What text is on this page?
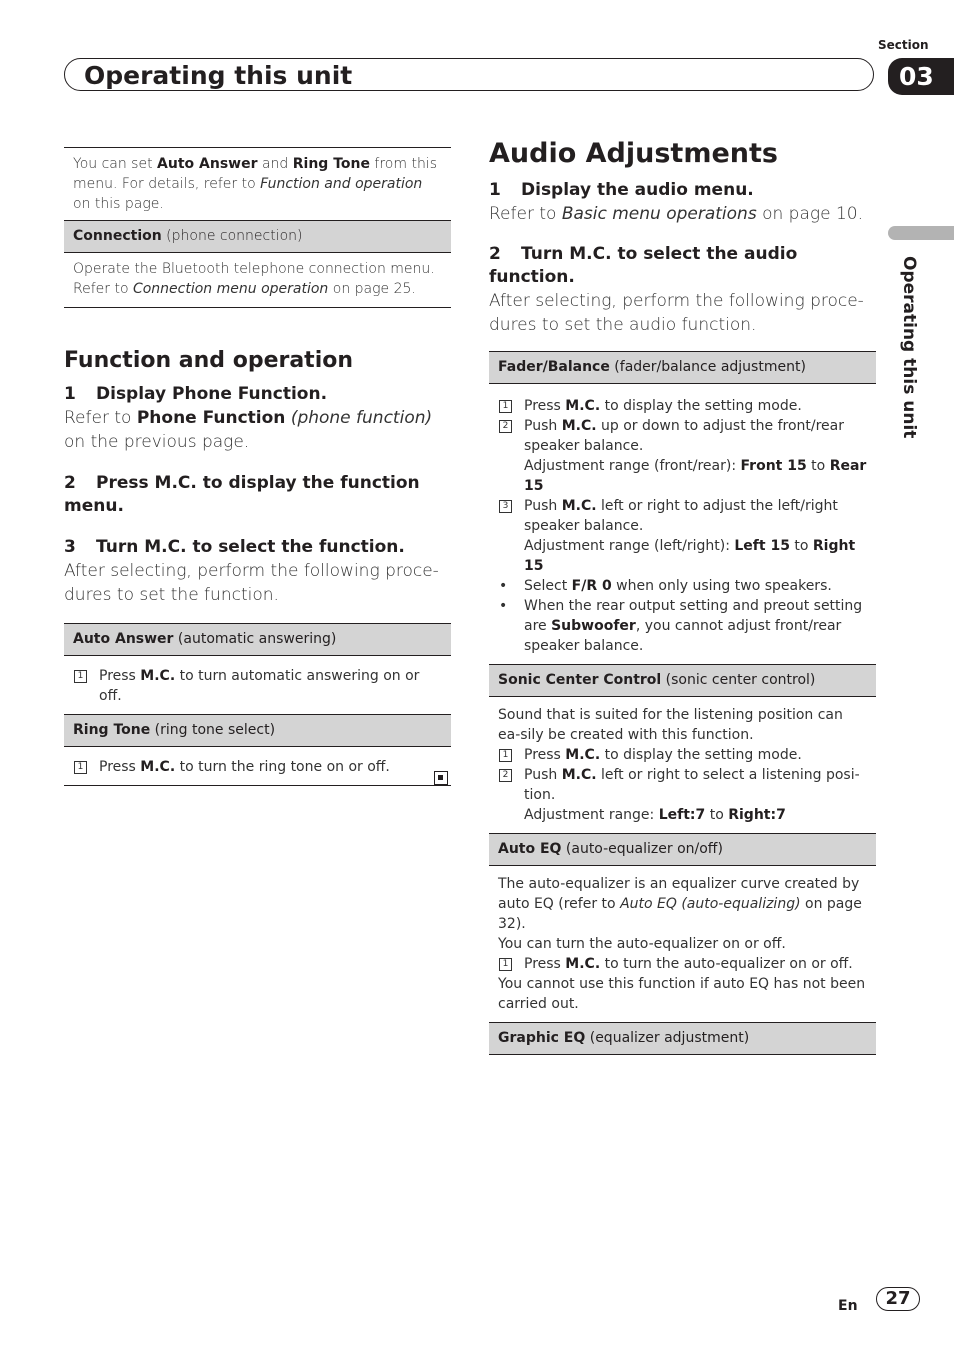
Section
Operating this unit	03
Operating this unit
You can set Auto Answer and Ring Tone from this menu. For details, refer to Function and operation on this page.
Connection (phone connection)
Operate the Bluetooth telephone connection menu. Refer to Connection menu operation on page 25.
Function and operation

1 Display Phone Function.

Refer to Phone Function (phone function) on the previous page.

2 Press M.C. to display the function menu.

3 Turn M.C. to select the function.

After selecting, perform the following proce-dures to set the function.

Auto Answer (automatic answering)
1 Press M.C. to turn automatic answering on or off.
Ring Tone (ring tone select)
1 Press M.C. to turn the ring tone on or off.
Audio Adjustments

1 Display the audio menu.

Refer to Basic menu operations on page 10.

2 Turn M.C. to select the audio function.

After selecting, perform the following proce-dures to set the audio function.

Fader/Balance (fader/balance adjustment)
1 Press M.C. to display the setting mode.
2 Push M.C. up or down to adjust the front/rear speaker balance.
Adjustment range (front/rear): Front 15 to Rear 15
3 Push M.C. left or right to adjust the left/right speaker balance.
Adjustment range (left/right): Left 15 to Right 15
• Select F/R 0 when only using two speakers.
• When the rear output setting and preout setting are Subwoofer, you cannot adjust front/rear speaker balance.
Sonic Center Control (sonic center control)
Sound that is suited for the listening position can ea-sily be created with this function.
1 Press M.C. to display the setting mode.
2 Push M.C. left or right to select a listening posi-tion.
Adjustment range: Left:7 to Right:7
Auto EQ (auto-equalizer on/off)
The auto-equalizer is an equalizer curve created by auto EQ (refer to Auto EQ (auto-equalizing) on page 32).
You can turn the auto-equalizer on or off.
1 Press M.C. to turn the auto-equalizer on or off.
You cannot use this function if auto EQ has not been carried out.
Graphic EQ (equalizer adjustment)
En	27
